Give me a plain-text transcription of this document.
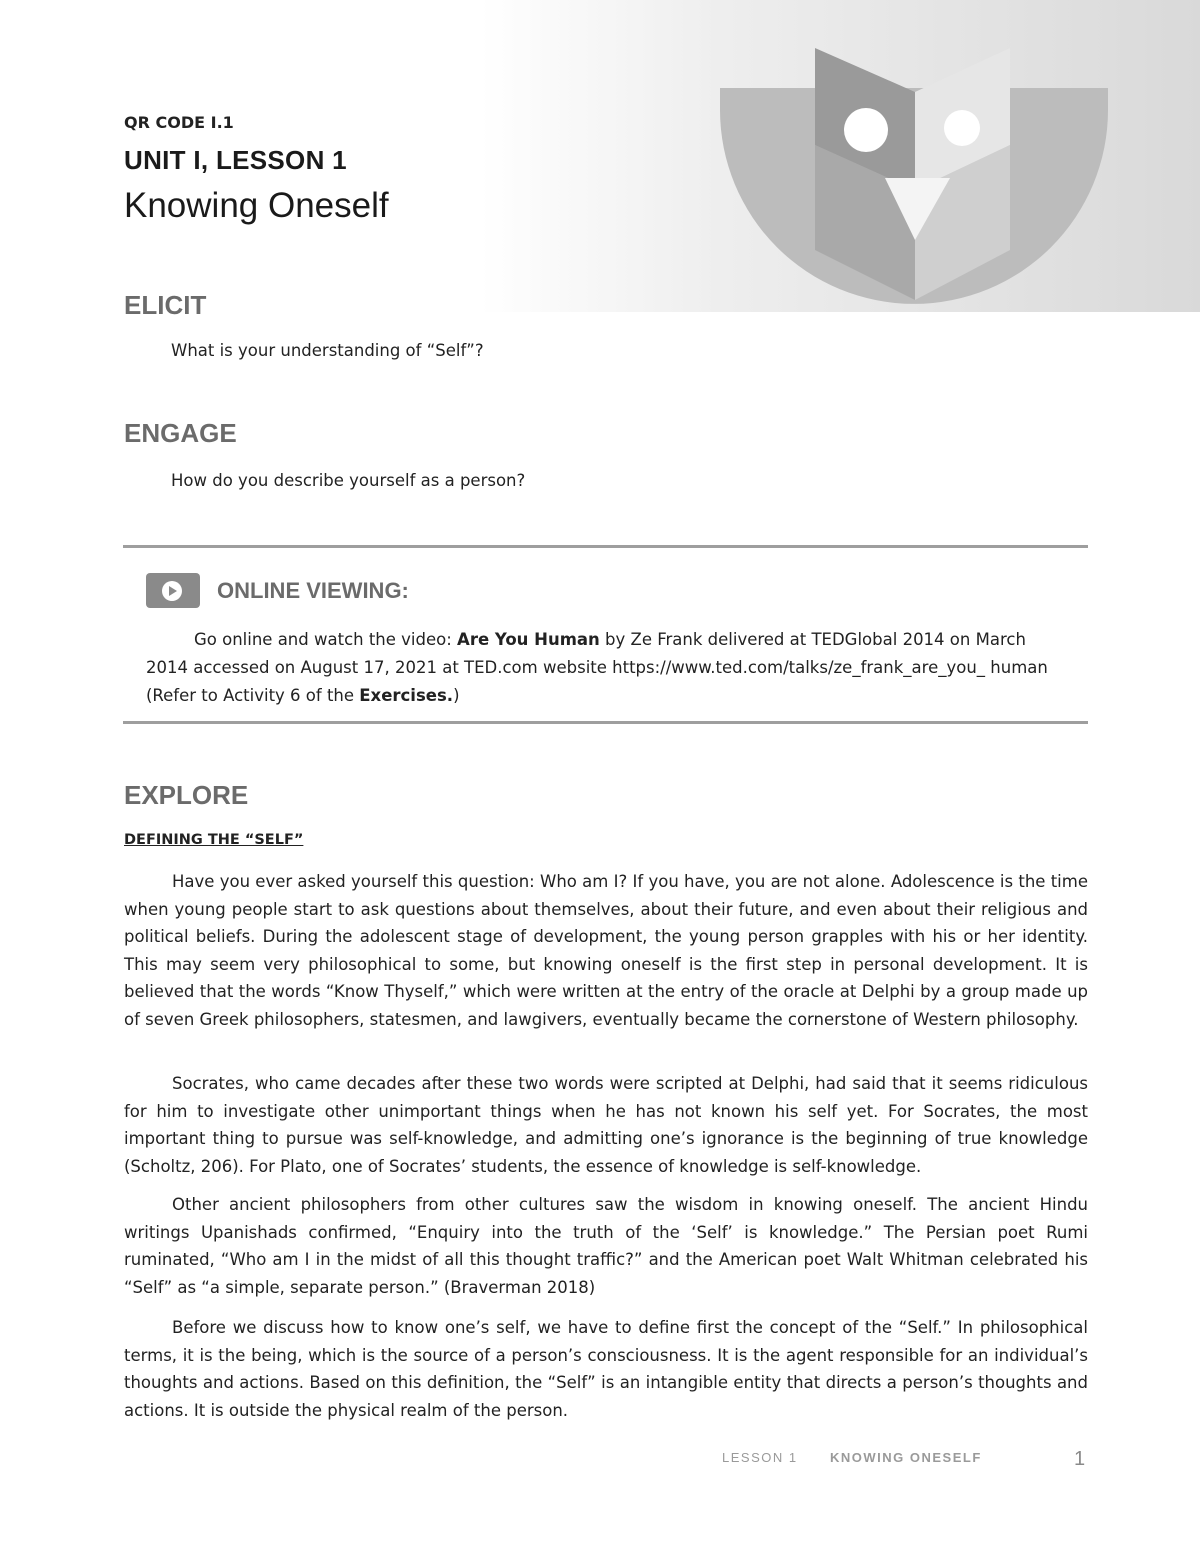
QR CODE I.1
UNIT I, LESSON 1
Knowing Oneself
ELICIT
What is your understanding of “Self”?
ENGAGE
How do you describe yourself as a person?
ONLINE VIEWING:
Go online and watch the video: Are You Human by Ze Frank delivered at TEDGlobal 2014 on March 2014 accessed on August 17, 2021 at TED.com website https://www.ted.com/talks/ze_frank_are_you_ human (Refer to Activity 6 of the Exercises.)
EXPLORE
DEFINING THE “SELF”

Have you ever asked yourself this question: Who am I? If you have, you are not alone. Adolescence is the time when young people start to ask questions about themselves, about their future, and even about their religious and political beliefs. During the adolescent stage of development, the young person grapples with his or her identity. This may seem very philosophical to some, but knowing oneself is the first step in personal development. It is believed that the words “Know Thyself,” which were written at the entry of the oracle at Delphi by a group made up of seven Greek philosophers, statesmen, and lawgivers, eventually became the cornerstone of Western philosophy.

Socrates, who came decades after these two words were scripted at Delphi, had said that it seems ridiculous for him to investigate other unimportant things when he has not known his self yet. For Socrates, the most important thing to pursue was self-knowledge, and admitting one’s ignorance is the beginning of true knowledge (Scholtz, 206). For Plato, one of Socrates’ students, the essence of knowledge is self-knowledge.

Other ancient philosophers from other cultures saw the wisdom in knowing oneself. The ancient Hindu writings Upanishads confirmed, “Enquiry into the truth of the ‘Self’ is knowledge.” The Persian poet Rumi ruminated, “Who am I in the midst of all this thought traffic?” and the American poet Walt Whitman celebrated his “Self” as “a simple, separate person.” (Braverman 2018)

Before we discuss how to know one’s self, we have to define first the concept of the “Self.” In philosophical terms, it is the being, which is the source of a person’s consciousness. It is the agent responsible for an individual’s thoughts and actions. Based on this definition, the “Self” is an intangible entity that directs a person’s thoughts and actions. It is outside the physical realm of the person.

LESSON 1 KNOWING ONESELF	1
